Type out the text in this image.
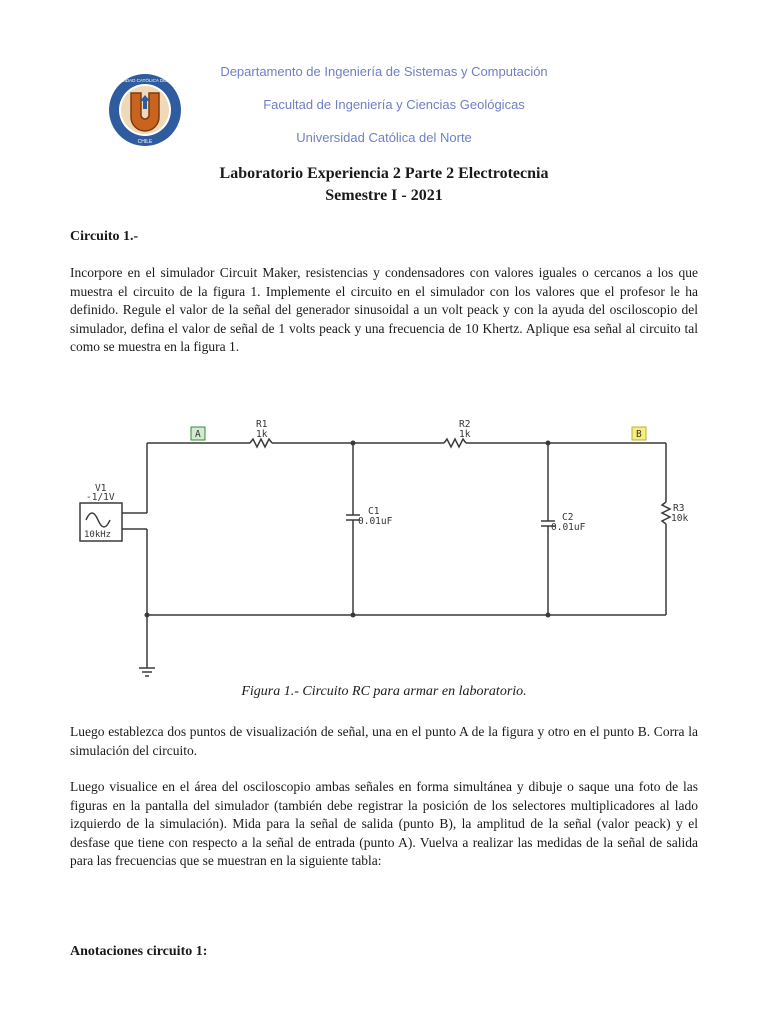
UNIVERSIDAD CATÓLICA DEL NORTE
CHILE
Departamento de Ingeniería de Sistemas y Computación
Facultad de Ingeniería y Ciencias Geológicas
Universidad Católica del Norte
Laboratorio Experiencia 2 Parte 2 Electrotecnia
Semestre I - 2021
Circuito 1.-
Incorpore en el simulador Circuit Maker, resistencias y condensadores con valores iguales o cercanos a los que muestra el circuito de la figura 1. Implemente el circuito en el simulador con los valores que el profesor le ha definido. Regule el valor de la señal del generador sinusoidal a un volt peack y con la ayuda del osciloscopio del simulador, defina el valor de señal de 1 volts peack y una frecuencia de 10 Khertz. Aplique esa señal al circuito tal como se muestra en la figura 1.
A	B
R1
1k
R2
1k
R3
10k
C1
0.01uF	C2
0.01uF
V1
-1/1V
10kHz
Figura 1.- Circuito RC para armar en laboratorio.
Luego establezca dos puntos de visualización de señal, una en el punto A de la figura y otro en el punto B. Corra la simulación del circuito.
Luego visualice en el área del osciloscopio ambas señales en forma simultánea y dibuje o saque una foto de las figuras en la pantalla del simulador (también debe registrar la posición de los selectores multiplicadores al lado izquierdo de la simulación). Mida para la señal de salida (punto B), la amplitud de la señal (valor peack) y el desfase que tiene con respecto a la señal de entrada (punto A). Vuelva a realizar las medidas de la señal de salida para las frecuencias que se muestran en la siguiente tabla:
Anotaciones circuito 1:
